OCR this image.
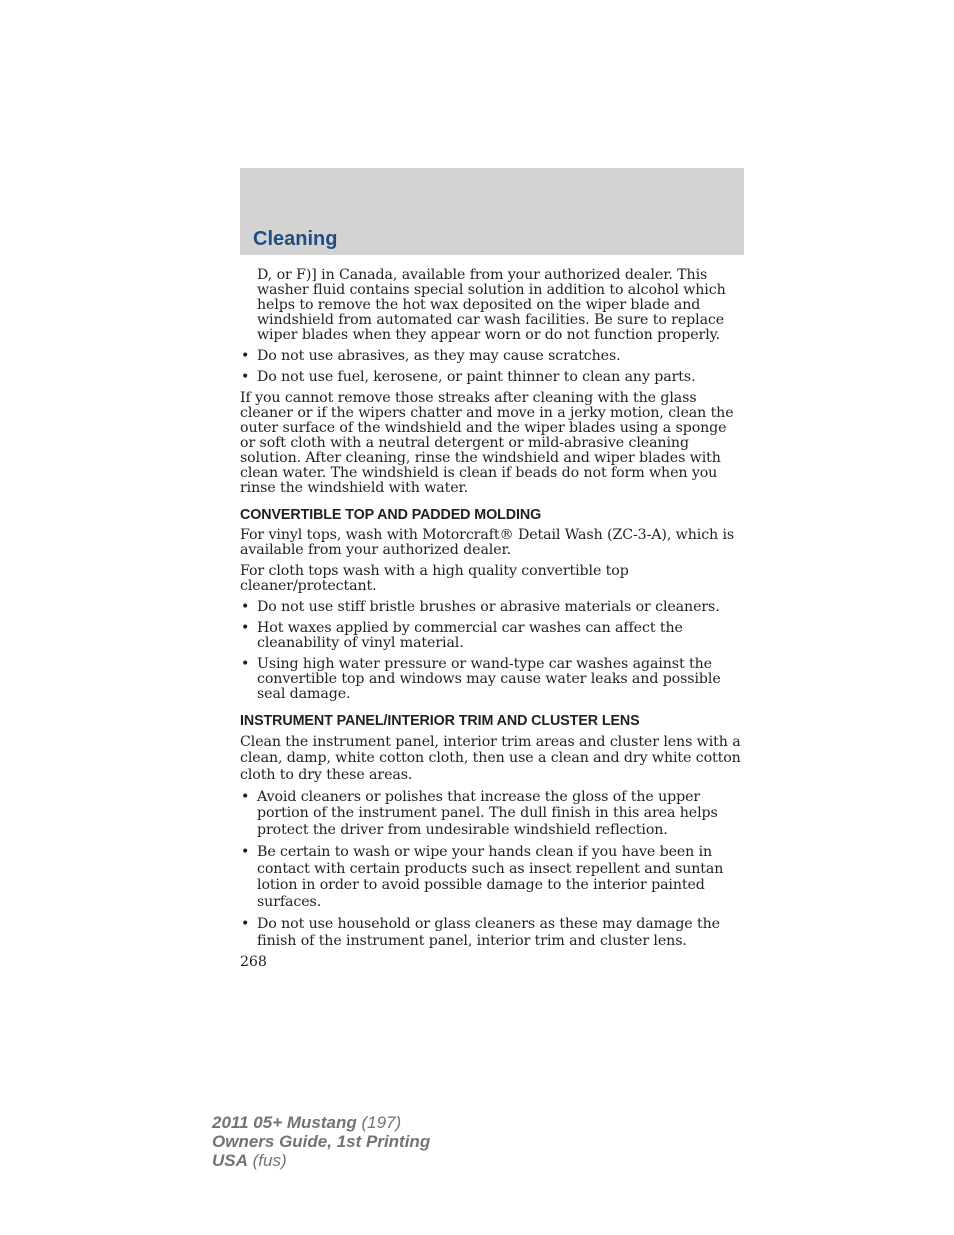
Cleaning

D, or F)] in Canada, available from your authorized dealer. This washer fluid contains special solution in addition to alcohol which helps to remove the hot wax deposited on the wiper blade and windshield from automated car wash facilities. Be sure to replace wiper blades when they appear worn or do not function properly.

• Do not use abrasives, as they may cause scratches.
• Do not use fuel, kerosene, or paint thinner to clean any parts.

If you cannot remove those streaks after cleaning with the glass cleaner or if the wipers chatter and move in a jerky motion, clean the outer surface of the windshield and the wiper blades using a sponge or soft cloth with a neutral detergent or mild-abrasive cleaning solution. After cleaning, rinse the windshield and wiper blades with clean water. The windshield is clean if beads do not form when you rinse the windshield with water.

CONVERTIBLE TOP AND PADDED MOLDING

For vinyl tops, wash with Motorcraft® Detail Wash (ZC-3-A), which is available from your authorized dealer.

For cloth tops wash with a high quality convertible top cleaner/protectant.

• Do not use stiff bristle brushes or abrasive materials or cleaners.
• Hot waxes applied by commercial car washes can affect the cleanability of vinyl material.
• Using high water pressure or wand-type car washes against the convertible top and windows may cause water leaks and possible seal damage.
INSTRUMENT PANEL/INTERIOR TRIM AND CLUSTER LENS

Clean the instrument panel, interior trim areas and cluster lens with a clean, damp, white cotton cloth, then use a clean and dry white cotton cloth to dry these areas.

• Avoid cleaners or polishes that increase the gloss of the upper portion of the instrument panel. The dull finish in this area helps protect the driver from undesirable windshield reflection.
• Be certain to wash or wipe your hands clean if you have been in contact with certain products such as insect repellent and suntan lotion in order to avoid possible damage to the interior painted surfaces.
• Do not use household or glass cleaners as these may damage the finish of the instrument panel, interior trim and cluster lens.
268
2011 05+ Mustang (197)
Owners Guide, 1st Printing
USA (fus)
